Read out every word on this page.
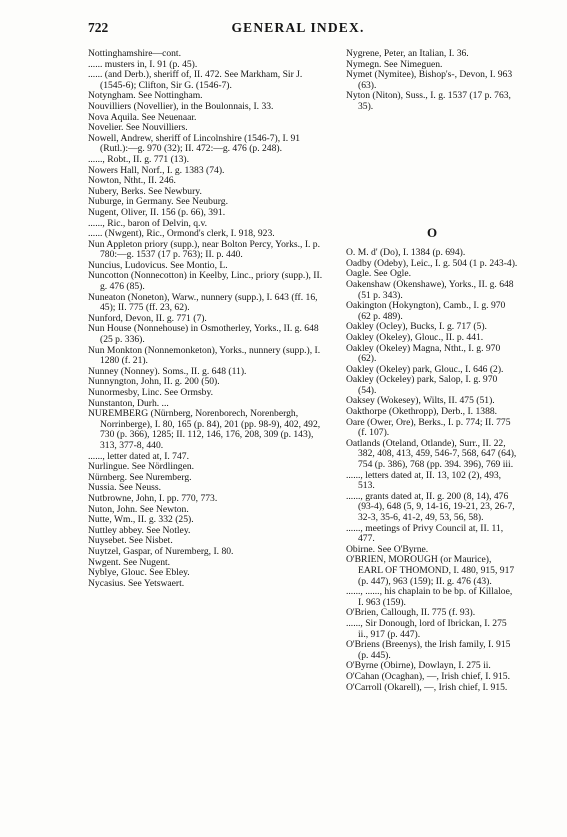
722	GENERAL INDEX.

Nottinghamshire—cont.

...... musters in, I. 91 (p. 45).

...... (and Derb.), sheriff of, II. 472. See Markham, Sir J. (1545-6); Clifton, Sir G. (1546-7).

Notyngham. See Nottingham.

Nouvilliers (Novellier), in the Boulonnais, I. 33.

Nova Aquila. See Neuenaar.

Novelier. See Nouvilliers.

Nowell, Andrew, sheriff of Lincolnshire (1546-7), I. 91 (Rutl.):—g. 970 (32); II. 472:—g. 476 (p. 248).

......, Robt., II. g. 771 (13).

Nowers Hall, Norf., I. g. 1383 (74).

Nowton, Ntht., II. 246.

Nubery, Berks. See Newbury.

Nuburge, in Germany. See Neuburg.

Nugent, Oliver, II. 156 (p. 66), 391.

......, Ric., baron of Delvin, q.v.

...... (Nwgent), Ric., Ormond's clerk, I. 918, 923.

Nun Appleton priory (supp.), near Bolton Percy, Yorks., I. p. 780:—g. 1537 (17 p. 763); II. p. 440.

Nuncius, Ludovicus. See Montio, L.

Nuncotton (Nonnecotton) in Keelby, Linc., priory (supp.), II. g. 476 (85).

Nuneaton (Noneton), Warw., nunnery (supp.), I. 643 (ff. 16, 45); II. 775 (ff. 23, 62).

Nunford, Devon, II. g. 771 (7).

Nun House (Nonnehouse) in Osmotherley, Yorks., II. g. 648 (25 p. 336).

Nun Monkton (Nonnemonketon), Yorks., nunnery (supp.), I. 1280 (f. 21).

Nunney (Nonney). Soms., II. g. 648 (11).

Nunnyngton, John, II. g. 200 (50).

Nunormesby, Linc. See Ormsby.

Nunstanton, Durh. ...

NUREMBERG (Nürnberg, Norenborech, Norenbergh, Norrinberge), I. 80, 165 (p. 84), 201 (pp. 98-9), 402, 492, 730 (p. 366), 1285; II. 112, 146, 176, 208, 309 (p. 143), 313, 377-8, 440.

......, letter dated at, I. 747.

Nurlingue. See Nördlingen.

Nürnberg. See Nuremberg.

Nussia. See Neuss.

Nutbrowne, John, I. pp. 770, 773.

Nuton, John. See Newton.

Nutte, Wm., II. g. 332 (25).

Nuttley abbey. See Notley.

Nuysebet. See Nisbet.

Nuytzel, Gaspar, of Nuremberg, I. 80.

Nwgent. See Nugent.

Nyblye, Glouc. See Ebley.

Nycasius. See Yetswaert.

Nygrene, Peter, an Italian, I. 36.

Nymegn. See Nimeguen.

Nymet (Nymitee), Bishop's-, Devon, I. 963 (63).

Nyton (Niton), Suss., I. g. 1537 (17 p. 763, 35).

O

O. M. d' (Do), I. 1384 (p. 694).

Oadby (Odeby), Leic., I. g. 504 (1 p. 243-4).

Oagle. See Ogle.

Oakenshaw (Okenshawe), Yorks., II. g. 648 (51 p. 343).

Oakington (Hokyngton), Camb., I. g. 970 (62 p. 489).

Oakley (Ocley), Bucks, I. g. 717 (5).

Oakley (Okeley), Glouc., II. p. 441.

Oakley (Okeley) Magna, Ntht., I. g. 970 (62).

Oakley (Okeley) park, Glouc., I. 646 (2).

Oakley (Ockeley) park, Salop, I. g. 970 (54).

Oaksey (Wokesey), Wilts, II. 475 (51).

Oakthorpe (Okethropp), Derb., I. 1388.

Oare (Ower, Ore), Berks., I. p. 774; II. 775 (f. 107).

Oatlands (Oteland, Otlande), Surr., II. 22, 382, 408, 413, 459, 546-7, 568, 647 (64), 754 (p. 386), 768 (pp. 394. 396), 769 iii.

......, letters dated at, II. 13, 102 (2), 493, 513.

......, grants dated at, II. g. 200 (8, 14), 476 (93-4), 648 (5, 9, 14-16, 19-21, 23, 26-7, 32-3, 35-6, 41-2, 49, 53, 56, 58).

......, meetings of Privy Council at, II. 11, 477.

Obirne. See O'Byrne.

O'BRIEN, MOROUGH (or Maurice), EARL OF THOMOND, I. 480, 915, 917 (p. 447), 963 (159); II. g. 476 (43).

......, ......, his chaplain to be bp. of Killaloe, I. 963 (159).

O'Brien, Callough, II. 775 (f. 93).

......, Sir Donough, lord of Ibrickan, I. 275 ii., 917 (p. 447).

O'Briens (Breenys), the Irish family, I. 915 (p. 445).

O'Byrne (Obirne), Dowlayn, I. 275 ii.

O'Cahan (Ocaghan), —, Irish chief, I. 915.

O'Carroll (Okarell), —, Irish chief, I. 915.
